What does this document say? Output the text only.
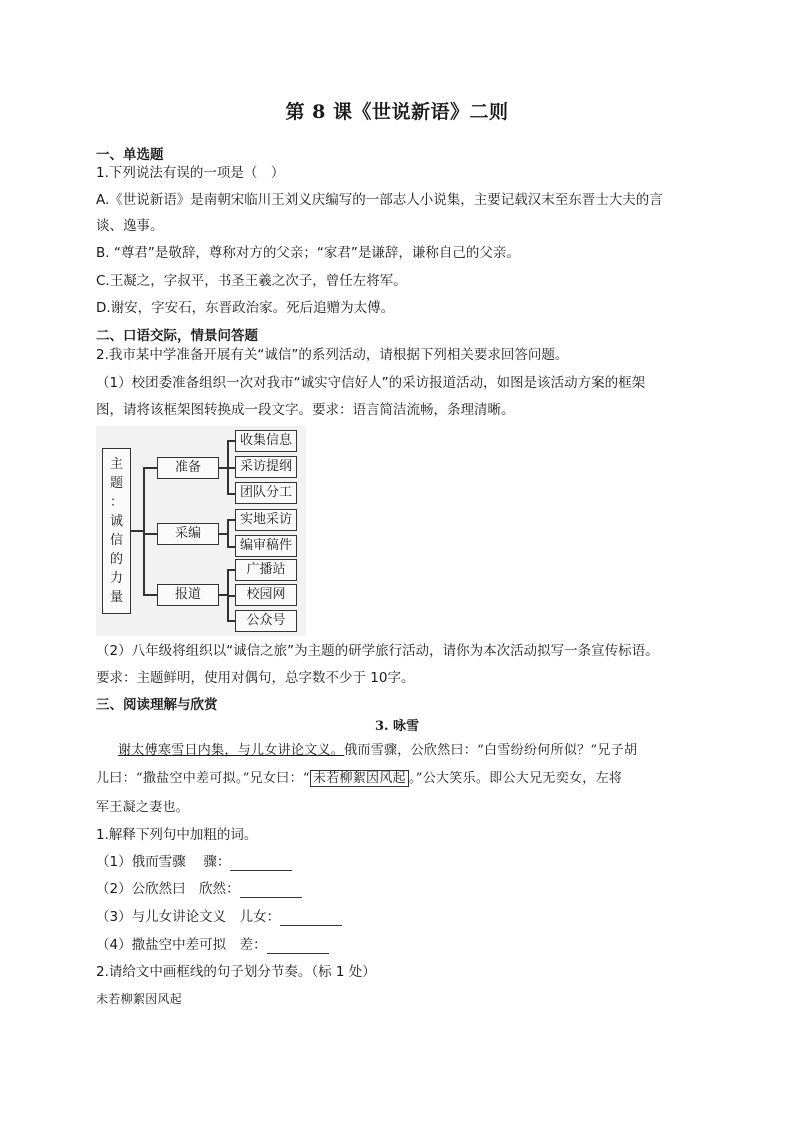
第 8 课《世说新语》二则
一、单选题
1.下列说法有误的一项是（　）
A.《世说新语》是南朝宋临川王刘义庆编写的一部志人小说集，主要记载汉末至东晋士大夫的言
谈、逸事。
B. “尊君”是敬辞，尊称对方的父亲；“家君”是谦辞，谦称自己的父亲。
C.王凝之，字叔平，书圣王羲之次子，曾任左将军。
D.谢安，字安石，东晋政治家。死后追赠为太傅。
二、口语交际，情景问答题
2.我市某中学准备开展有关“诚信”的系列活动，请根据下列相关要求回答问题。
（1）校团委准备组织一次对我市“诚实守信好人”的采访报道活动，如图是该活动方案的框架
图，请将该框架图转换成一段文字。要求：语言简洁流畅，条理清晰。
主
题
：
诚
信
的
力
量
准备
采编
报道
收集信息
采访提纲
团队分工
实地采访
编审稿件
广播站
校园网
公众号
（2）八年级将组织以“诚信之旅”为主题的研学旅行活动，请你为本次活动拟写一条宣传标语。
要求：主题鲜明，使用对偶句，总字数不少于 10字。
三、阅读理解与欣赏
3. 咏雪
谢太傅寒雪日内集，与儿女讲论文义。俄而雪骤，公欣然曰：“白雪纷纷何所似？”兄子胡
儿曰：“撒盐空中差可拟。”兄女曰：“ 未若柳絮因风起 。”公大笑乐。即公大兄无奕女，左将
军王凝之妻也。
1.解释下列句中加粗的词。
（1）俄而雪骤　 骤：
（2）公欣然曰　欣然：
（3）与儿女讲论文义　儿女：
（4）撒盐空中差可拟　差：
2.请给文中画框线的句子划分节奏。（标 1 处）
未若柳絮因风起
